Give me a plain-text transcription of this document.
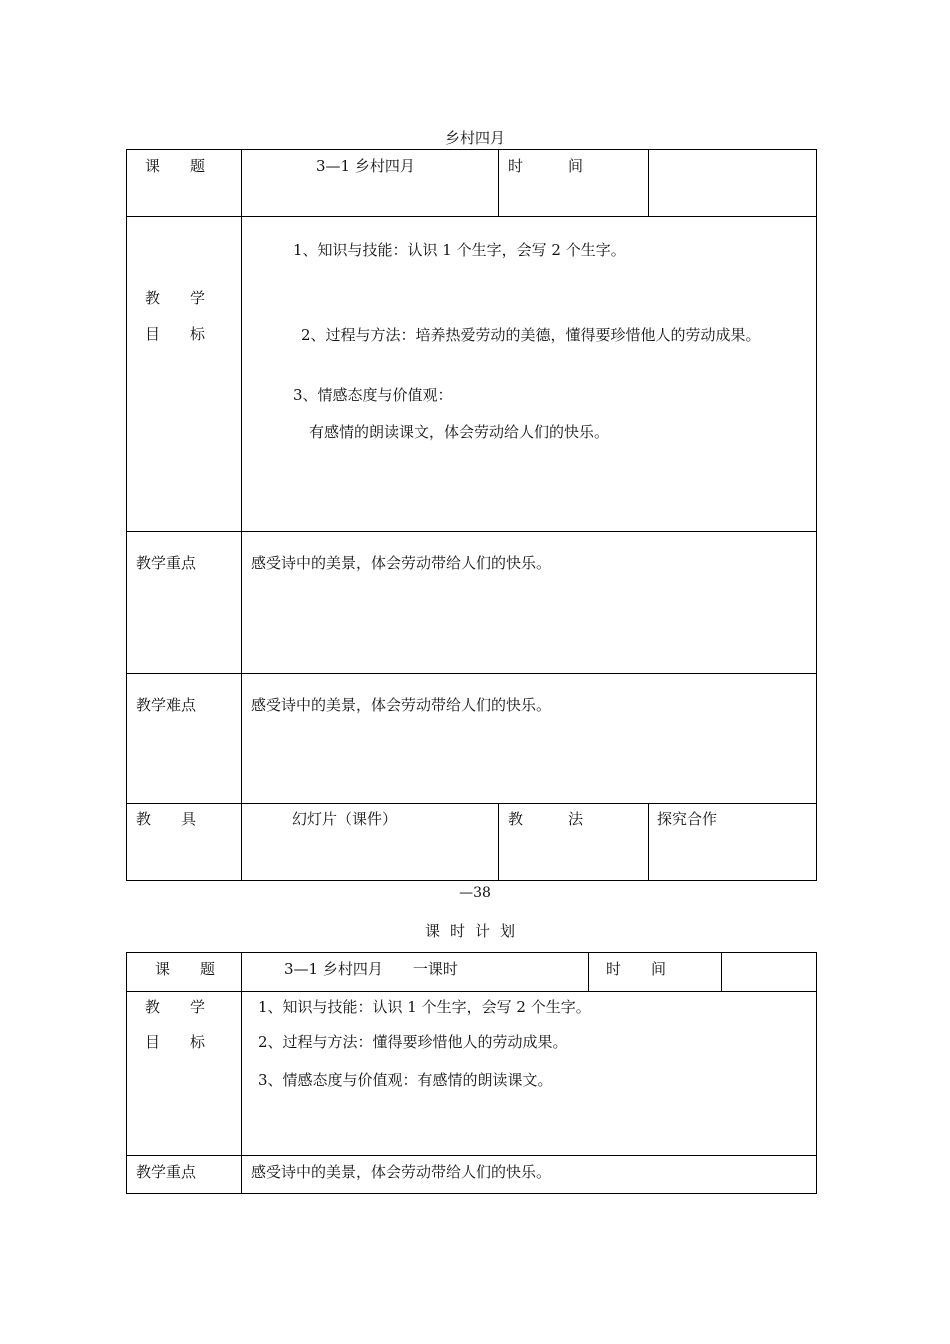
乡村四月
课　　题	3—1 乡村四月	时　　　间	

教　　学
目　　标	1、知识与技能：认识 1 个生字，会写 2 个生字。
2、过程与方法：培养热爱劳动的美德，懂得要珍惜他人的劳动成果。
3、情感态度与价值观：
有感情的朗读课文，体会劳动给人们的快乐。		

教学重点	感受诗中的美景，体会劳动带给人们的快乐。		

教学难点	感受诗中的美景，体会劳动带给人们的快乐。		

教　　具	幻灯片（课件）	教　　　法	探究合作
—38
课时计划
课　　题	3—1 乡村四月　　一课时	时　　间	

教　　学
目　　标	1、知识与技能：认识 1 个生字，会写 2 个生字。
2、过程与方法：懂得要珍惜他人的劳动成果。
3、情感态度与价值观：有感情的朗读课文。		

教学重点	感受诗中的美景，体会劳动带给人们的快乐。		
